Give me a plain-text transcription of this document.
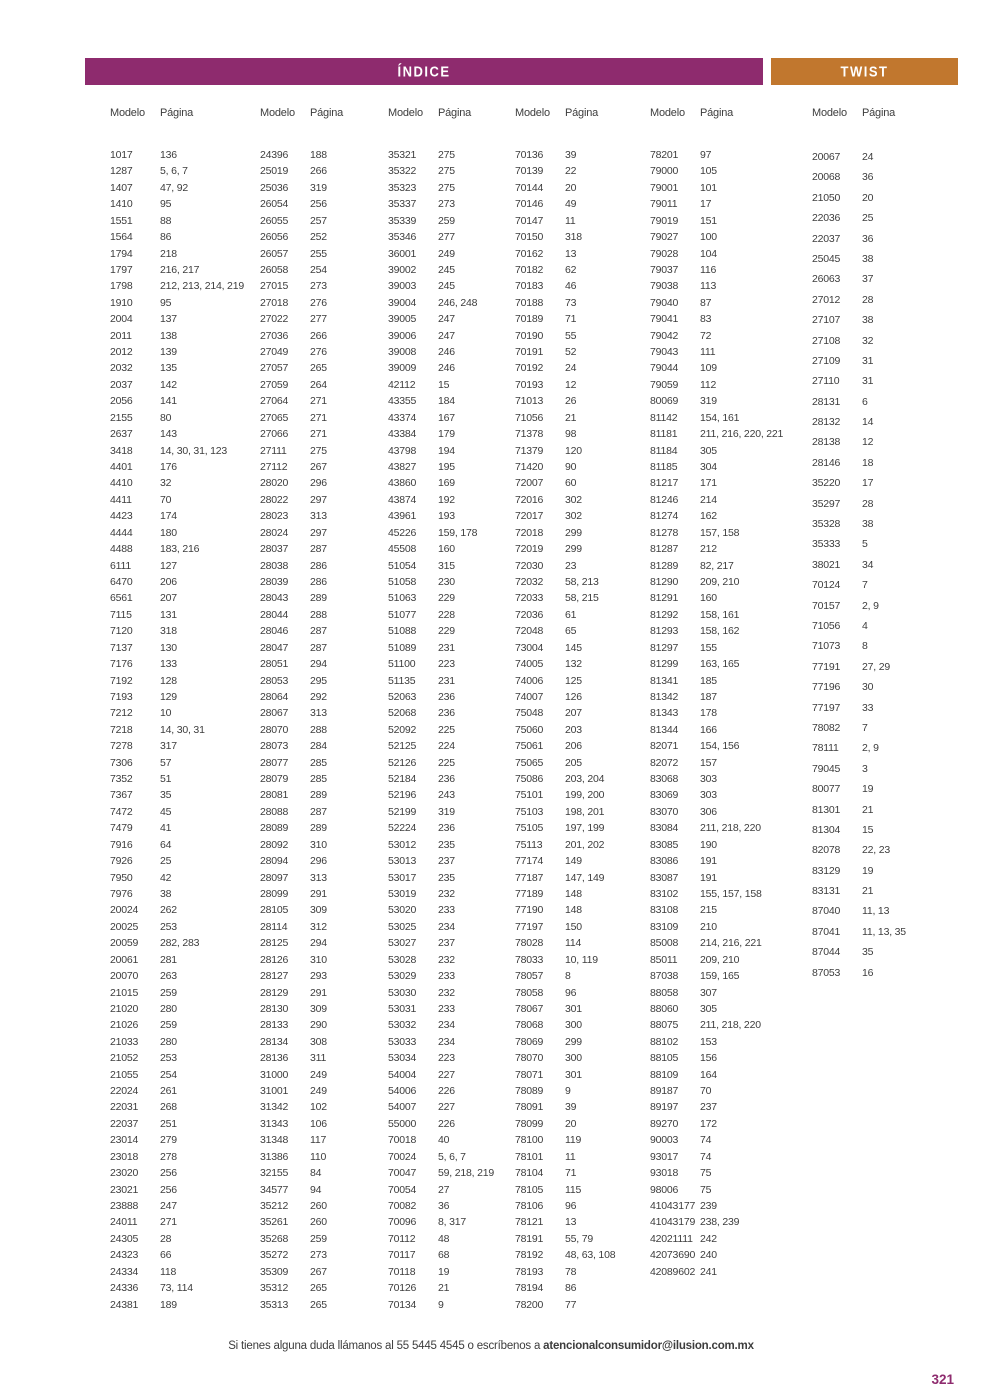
ÍNDICE	TWIST
Modelo Página
1017	136
1287	5, 6, 7
1407	47, 92
1410	95
1551	88
1564	86
1794	218
1797	216, 217
1798	212, 213, 214, 219
1910	95
2004	137
2011	138
2012	139
2032	135
2037	142
2056	141
2155	80
2637	143
3418	14, 30, 31, 123
4401	176
4410	32
4411	70
4423	174
4444	180
4488	183, 216
6111	127
6470	206
6561	207
7115	131
7120	318
7137	130
7176	133
7192	128
7193	129
7212	10
7218	14, 30, 31
7278	317
7306	57
7352	51
7367	35
7472	45
7479	41
7916	64
7926	25
7950	42
7976	38
20024	262
20025	253
20059	282, 283
20061	281
20070	263
21015	259
21020	280
21026	259
21033	280
21052	253
21055	254
22024	261
22031	268
22037	251
23014	279
23018	278
23020	256
23021	256
23888	247
24011	271
24305	28
24323	66
24334	118
24336	73, 114
24381	189
Modelo Página
24396	188
25019	266
25036	319
26054	256
26055	257
26056	252
26057	255
26058	254
27015	273
27018	276
27022	277
27036	266
27049	276
27057	265
27059	264
27064	271
27065	271
27066	271
27111	275
27112	267
28020	296
28022	297
28023	313
28024	297
28037	287
28038	286
28039	286
28043	289
28044	288
28046	287
28047	287
28051	294
28053	295
28064	292
28067	313
28070	288
28073	284
28077	285
28079	285
28081	289
28088	287
28089	289
28092	310
28094	296
28097	313
28099	291
28105	309
28114	312
28125	294
28126	310
28127	293
28129	291
28130	309
28133	290
28134	308
28136	311
31000	249
31001	249
31342	102
31343	106
31348	117
31386	110
32155	84
34577	94
35212	260
35261	260
35268	259
35272	273
35309	267
35312	265
35313	265
Modelo Página
35321	275
35322	275
35323	275
35337	273
35339	259
35346	277
36001	249
39002	245
39003	245
39004	246, 248
39005	247
39006	247
39008	246
39009	246
42112	15
43355	184
43374	167
43384	179
43798	194
43827	195
43860	169
43874	192
43961	193
45226	159, 178
45508	160
51054	315
51058	230
51063	229
51077	228
51088	229
51089	231
51100	223
51135	231
52063	236
52068	236
52092	225
52125	224
52126	225
52184	236
52196	243
52199	319
52224	236
53012	235
53013	237
53017	235
53019	232
53020	233
53025	234
53027	237
53028	232
53029	233
53030	232
53031	233
53032	234
53033	234
53034	223
54004	227
54006	226
54007	227
55000	226
70018	40
70024	5, 6, 7
70047	59, 218, 219
70054	27
70082	36
70096	8, 317
70112	48
70117	68
70118	19
70126	21
70134	9
Modelo Página
70136	39
70139	22
70144	20
70146	49
70147	11
70150	318
70162	13
70182	62
70183	46
70188	73
70189	71
70190	55
70191	52
70192	24
70193	12
71013	26
71056	21
71378	98
71379	120
71420	90
72007	60
72016	302
72017	302
72018	299
72019	299
72030	23
72032	58, 213
72033	58, 215
72036	61
72048	65
73004	145
74005	132
74006	125
74007	126
75048	207
75060	203
75061	206
75065	205
75086	203, 204
75101	199, 200
75103	198, 201
75105	197, 199
75113	201, 202
77174	149
77187	147, 149
77189	148
77190	148
77197	150
78028	114
78033	10, 119
78057	8
78058	96
78067	301
78068	300
78069	299
78070	300
78071	301
78089	9
78091	39
78099	20
78100	119
78101	11
78104	71
78105	115
78106	96
78121	13
78191	55, 79
78192	48, 63, 108
78193	78
78194	86
78200	77
Modelo Página
78201	97
79000	105
79001	101
79011	17
79019	151
79027	100
79028	104
79037	116
79038	113
79040	87
79041	83
79042	72
79043	111
79044	109
79059	112
80069	319
81142	154, 161
81181	211, 216, 220, 221
81184	305
81185	304
81217	171
81246	214
81274	162
81278	157, 158
81287	212
81289	82, 217
81290	209, 210
81291	160
81292	158, 161
81293	158, 162
81297	155
81299	163, 165
81341	185
81342	187
81343	178
81344	166
82071	154, 156
82072	157
83068	303
83069	303
83070	306
83084	211, 218, 220
83085	190
83086	191
83087	191
83102	155, 157, 158
83108	215
83109	210
85008	214, 216, 221
85011	209, 210
87038	159, 165
88058	307
88060	305
88075	211, 218, 220
88102	153
88105	156
88109	164
89187	70
89197	237
89270	172
90003	74
93017	74
93018	75
98006	75
41043177 239
41043179 238, 239
42021111 242
42073690 240
42089602 241
Modelo Página
20067	24
20068	36
21050	20
22036	25
22037	36
25045	38
26063	37
27012	28
27107	38
27108	32
27109	31
27110	31
28131	6
28132	14
28138	12
28146	18
35220	17
35297	28
35328	38
35333	5
38021	34
70124	7
70157	2, 9
71056	4
71073	8
77191	27, 29
77196	30
77197	33
78082	7
78111	2, 9
79045	3
80077	19
81301	21
81304	15
82078	22, 23
83129	19
83131	21
87040	11, 13
87041	11, 13, 35
87044	35
87053	16
Si tienes alguna duda llámanos al 55 5445 4545 o escríbenos a atencionalconsumidor@ilusion.com.mx
321
